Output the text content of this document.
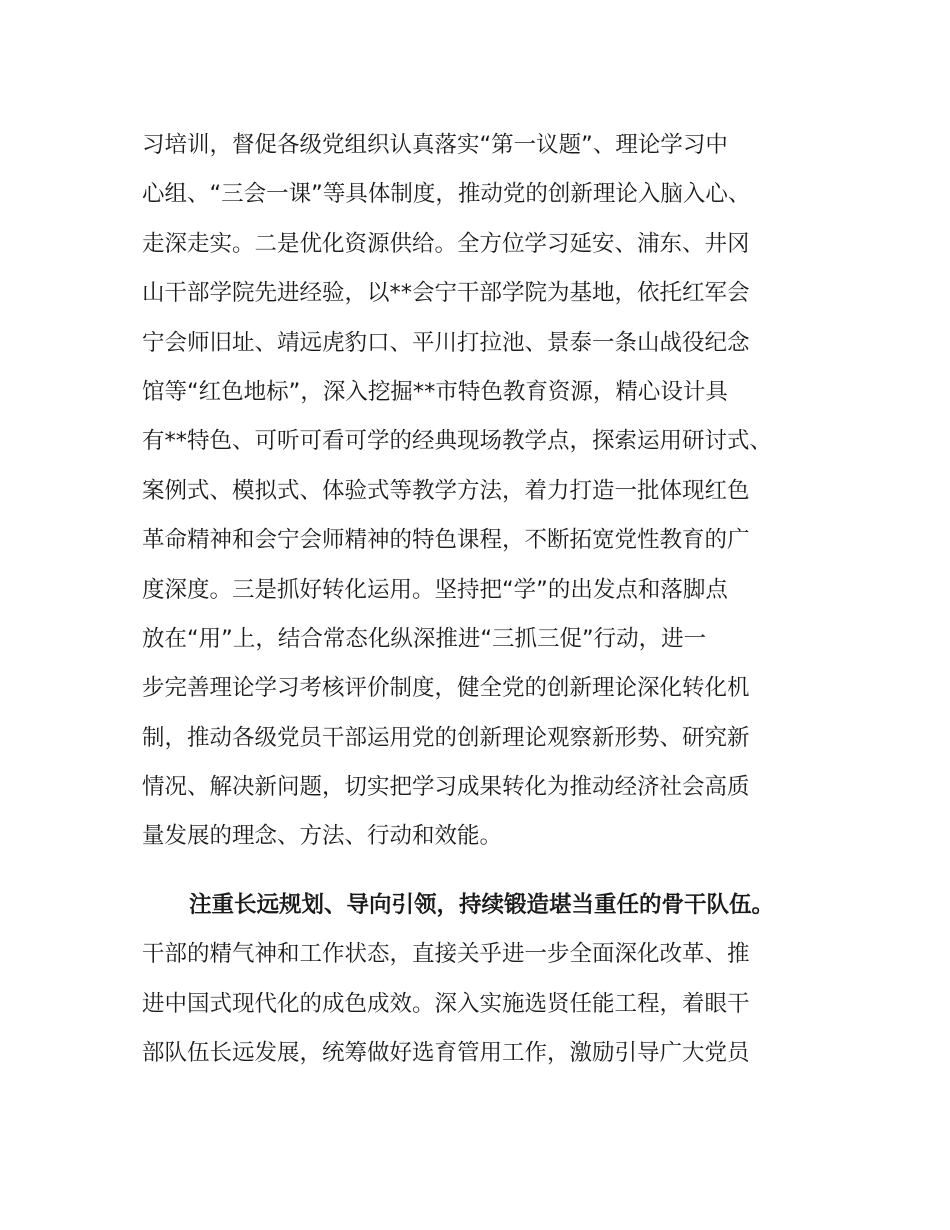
习培训，督促各级党组织认真落实“第一议题”、理论学习中
心组、“三会一课”等具体制度，推动党的创新理论入脑入心、
走深走实。二是优化资源供给。全方位学习延安、浦东、井冈
山干部学院先进经验，以**会宁干部学院为基地，依托红军会
宁会师旧址、靖远虎豹口、平川打拉池、景泰一条山战役纪念
馆等“红色地标”，深入挖掘**市特色教育资源，精心设计具
有**特色、可听可看可学的经典现场教学点，探索运用研讨式、
案例式、模拟式、体验式等教学方法，着力打造一批体现红色
革命精神和会宁会师精神的特色课程，不断拓宽党性教育的广
度深度。三是抓好转化运用。坚持把“学”的出发点和落脚点
放在“用”上，结合常态化纵深推进“三抓三促”行动，进一
步完善理论学习考核评价制度，健全党的创新理论深化转化机
制，推动各级党员干部运用党的创新理论观察新形势、研究新
情况、解决新问题，切实把学习成果转化为推动经济社会高质
量发展的理念、方法、行动和效能。
注重长远规划、导向引领，持续锻造堪当重任的骨干队伍。
干部的精气神和工作状态，直接关乎进一步全面深化改革、推
进中国式现代化的成色成效。深入实施选贤任能工程，着眼干
部队伍长远发展，统筹做好选育管用工作，激励引导广大党员
